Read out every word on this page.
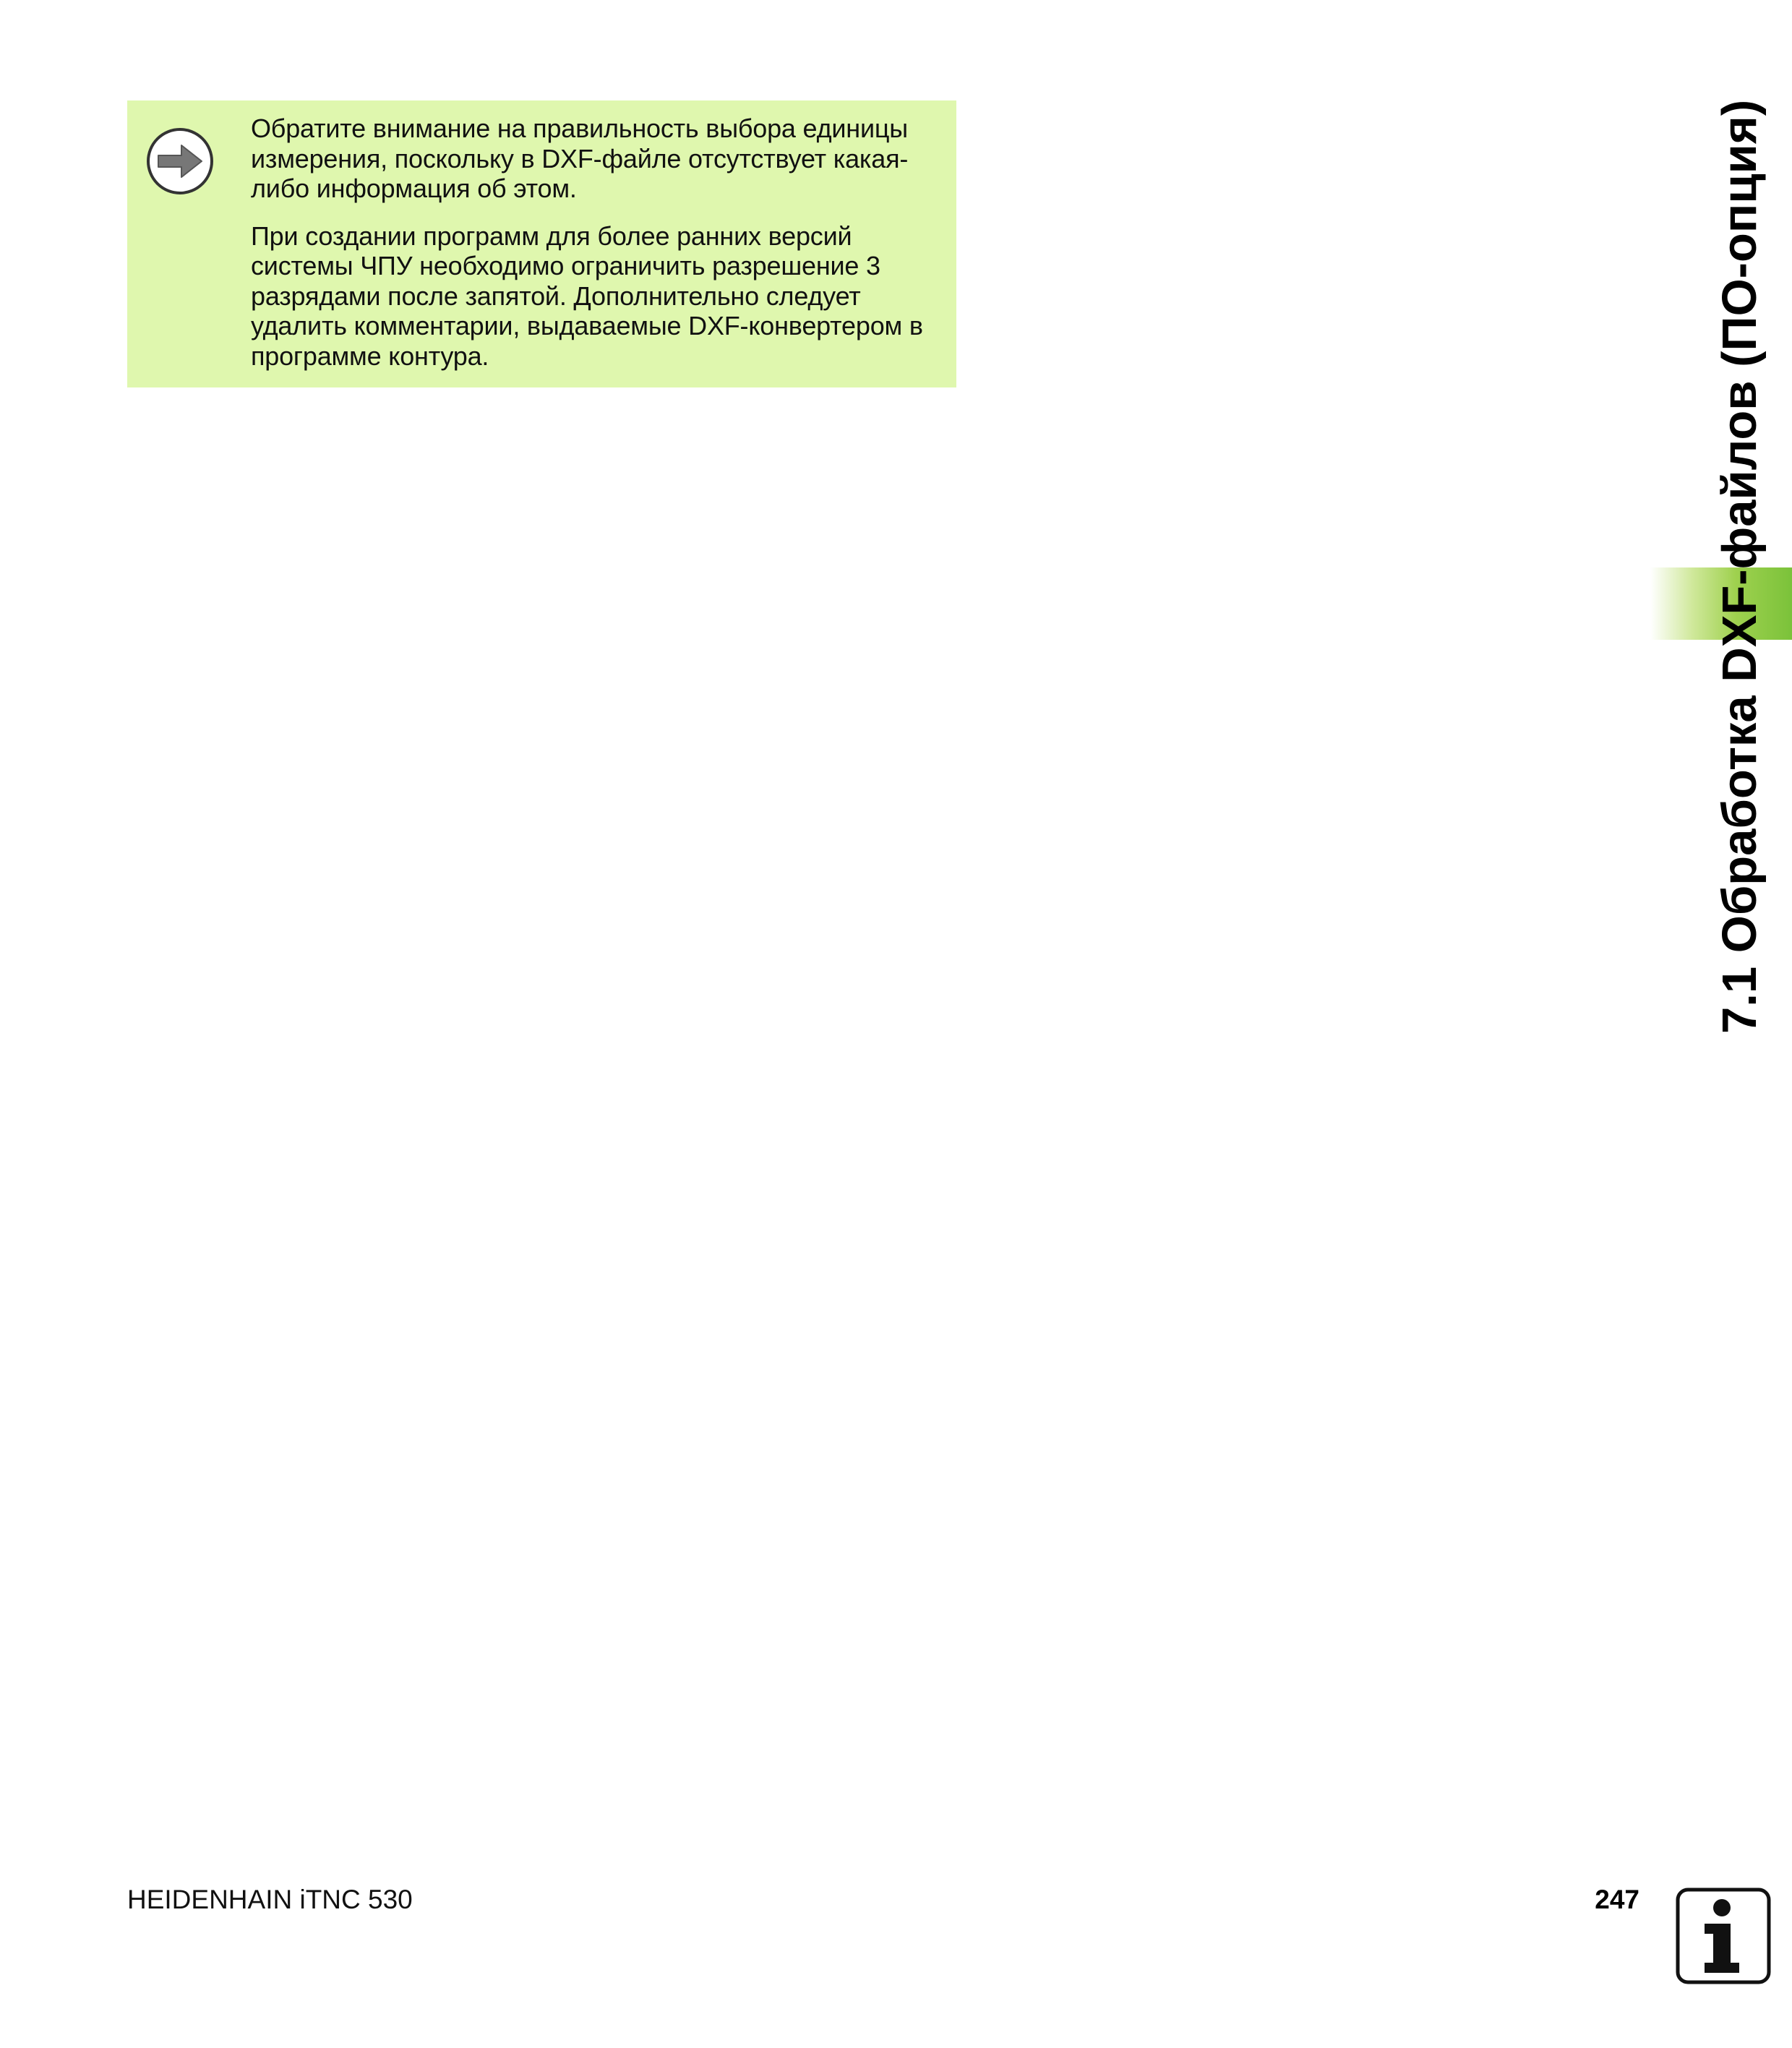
Обратите внимание на правильность выбора единицы измерения, поскольку в DXF-файле отсутствует какая-либо информация об этом.

При создании программ для более ранних версий системы ЧПУ необходимо ограничить разрешение 3 разрядами после запятой. Дополнительно следует удалить комментарии, выдаваемые DXF-конвертером в программе контура.	7.1 Обработка DXF-файлов (ПО-опция)
HEIDENHAIN iTNC 530	247
